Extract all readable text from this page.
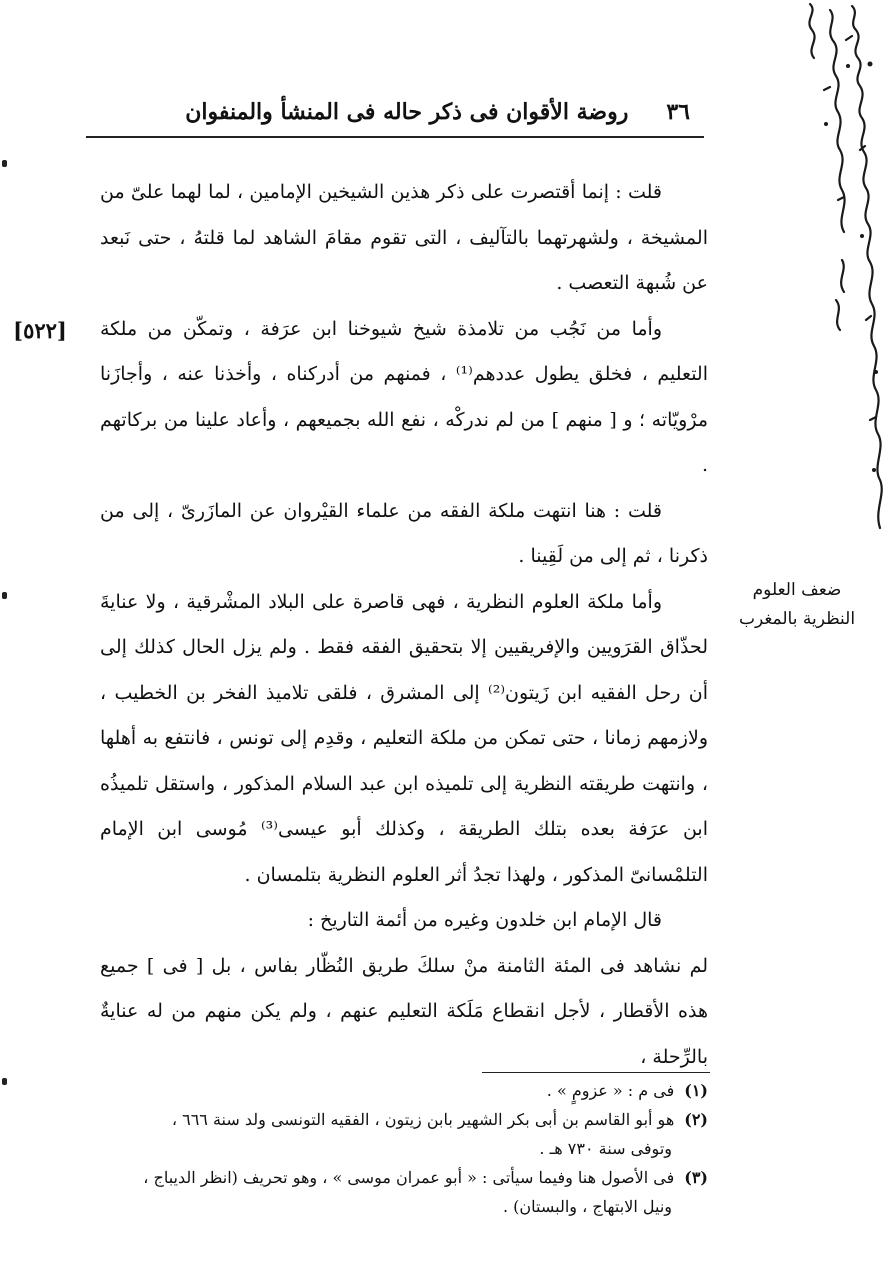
٣٦
روضة الأقوان فى ذكر حاله فى المنشأ والمنفوان
[٥٢٢]
ضعف العلوم النظرية بالمغرب

قلت : إنما أقتصرت على ذكر هذين الشيخين الإمامين ، لما لهما علىّ من المشيخة ، ولشهرتهما بالتآليف ، التى تقوم مقامَ الشاهد لما قلتهُ ، حتى نَبعد عن شُبهة التعصب .

وأما من نَجُب من تلامذة شيخ شيوخنا ابن عرَفة ، وتمكّن من ملكة التعليم ، فخلق يطول عددهم⁽¹⁾ ، فمنهم من أدركناه ، وأخذنا عنه ، وأجازَنا مرْويّاته ؛ و [ منهم ] من لم ندركْه ، نفع الله بجميعهم ، وأعاد علينا من بركاتهم .

قلت : هنا انتهت ملكة الفقه من علماء القيْروان عن المازَرىّ ، إلى من ذكرنا ، ثم إلى من لَقِينا .

وأما ملكة العلوم النظرية ، فهى قاصرة على البلاد المشْرقية ، ولا عنايةَ لحذّاق القرَويين والإفريقيين إلا بتحقيق الفقه فقط . ولم يزل الحال كذلك إلى أن رحل الفقيه ابن زَيتون⁽²⁾ إلى المشرق ، فلقى تلاميذ الفخر بن الخطيب ، ولازمهم زمانا ، حتى تمكن من ملكة التعليم ، وقدِم إلى تونس ، فانتفع به أهلها ، وانتهت طريقته النظرية إلى تلميذه ابن عبد السلام المذكور ، واستقل تلميذُه ابن عرَفة بعده بتلك الطريقة ، وكذلك أبو عيسى⁽³⁾ مُوسى ابن الإمام التلمْسانىّ المذكور ، ولهذا تجدُ أثر العلوم النظرية بتلمسان .

قال الإمام ابن خلدون وغيره من أئمة التاريخ :

لم نشاهد فى المئة الثامنة منْ سلكَ طريق النُظّار بفاس ، بل [ فى ] جميع هذه الأقطار ، لأجل انقطاع مَلَكة التعليم عنهم ، ولم يكن منهم من له عنايةٌ بالرِّحلة ،

(١)فى م : « عزومٍ » .

(٢)هو أبو القاسم بن أبى بكر الشهير بابن زيتون ، الفقيه التونسى ولد سنة ٦٦٦ ،

وتوفى سنة ٧٣٠ هـ .

(٣)فى الأصول هنا وفيما سيأتى : « أبو عمران موسى » ، وهو تحريف (انظر الديباج ،

ونيل الابتهاج ، والبستان) .
